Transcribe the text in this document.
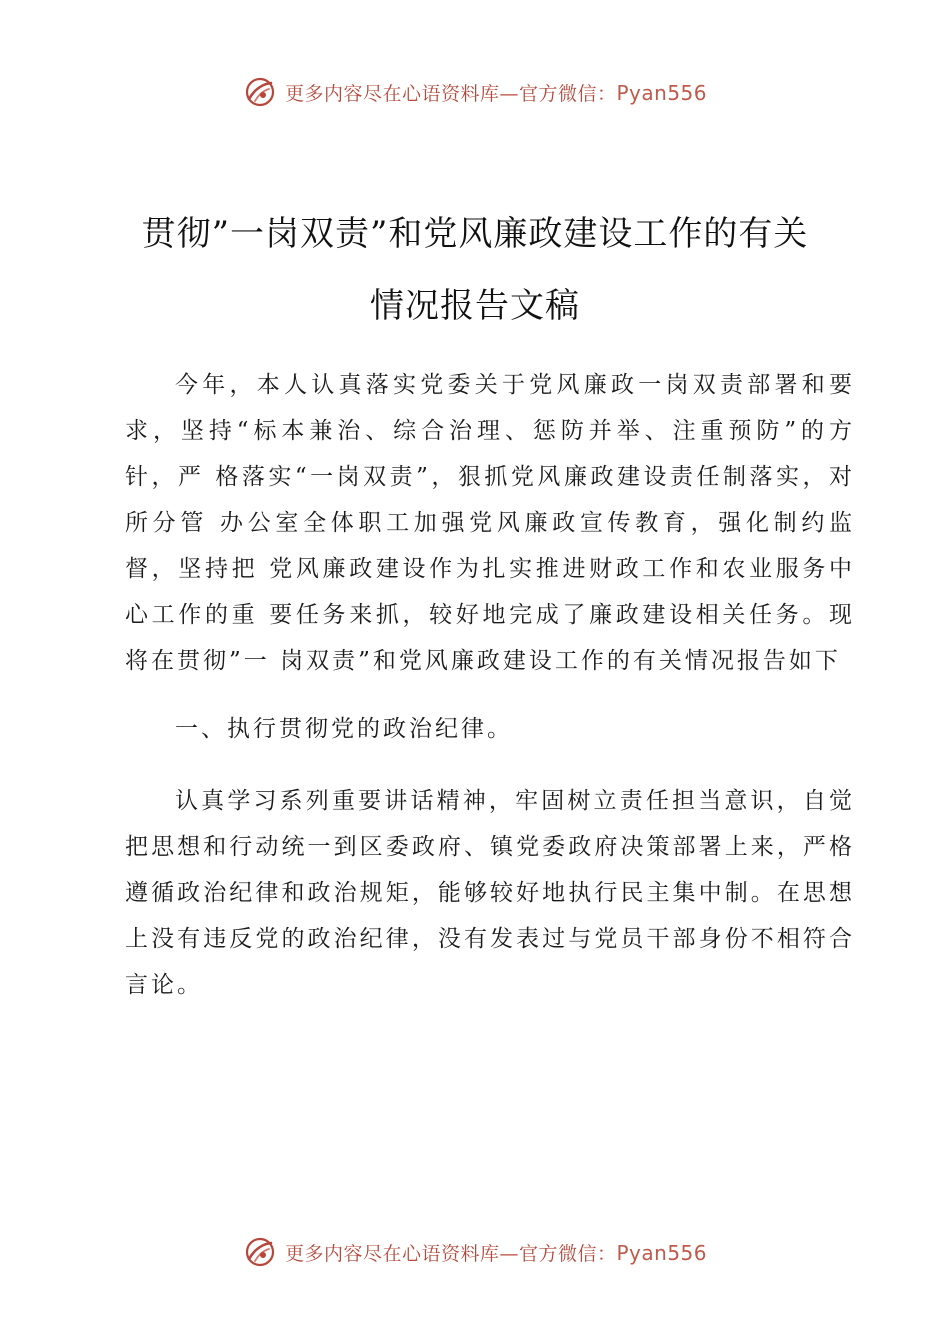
更多内容尽在心语资料库—官方微信：Pyan556
贯彻”一岗双责”和党风廉政建设工作的有关
情况报告文稿

今年，本人认真落实党委关于党风廉政一岗双责部署和要求，坚持“标本兼治、综合治理、惩防并举、注重预防”的方针，严 格落实“一岗双责”，狠抓党风廉政建设责任制落实，对所分管 办公室全体职工加强党风廉政宣传教育，强化制约监督，坚持把 党风廉政建设作为扎实推进财政工作和农业服务中心工作的重 要任务来抓，较好地完成了廉政建设相关任务。现将在贯彻”一 岗双责”和党风廉政建设工作的有关情况报告如下

一、执行贯彻党的政治纪律。

认真学习系列重要讲话精神，牢固树立责任担当意识，自觉把思想和行动统一到区委政府、镇党委政府决策部署上来，严格遵循政治纪律和政治规矩，能够较好地执行民主集中制。在思想上没有违反党的政治纪律，没有发表过与党员干部身份不相符合言论。

更多内容尽在心语资料库—官方微信：Pyan556
